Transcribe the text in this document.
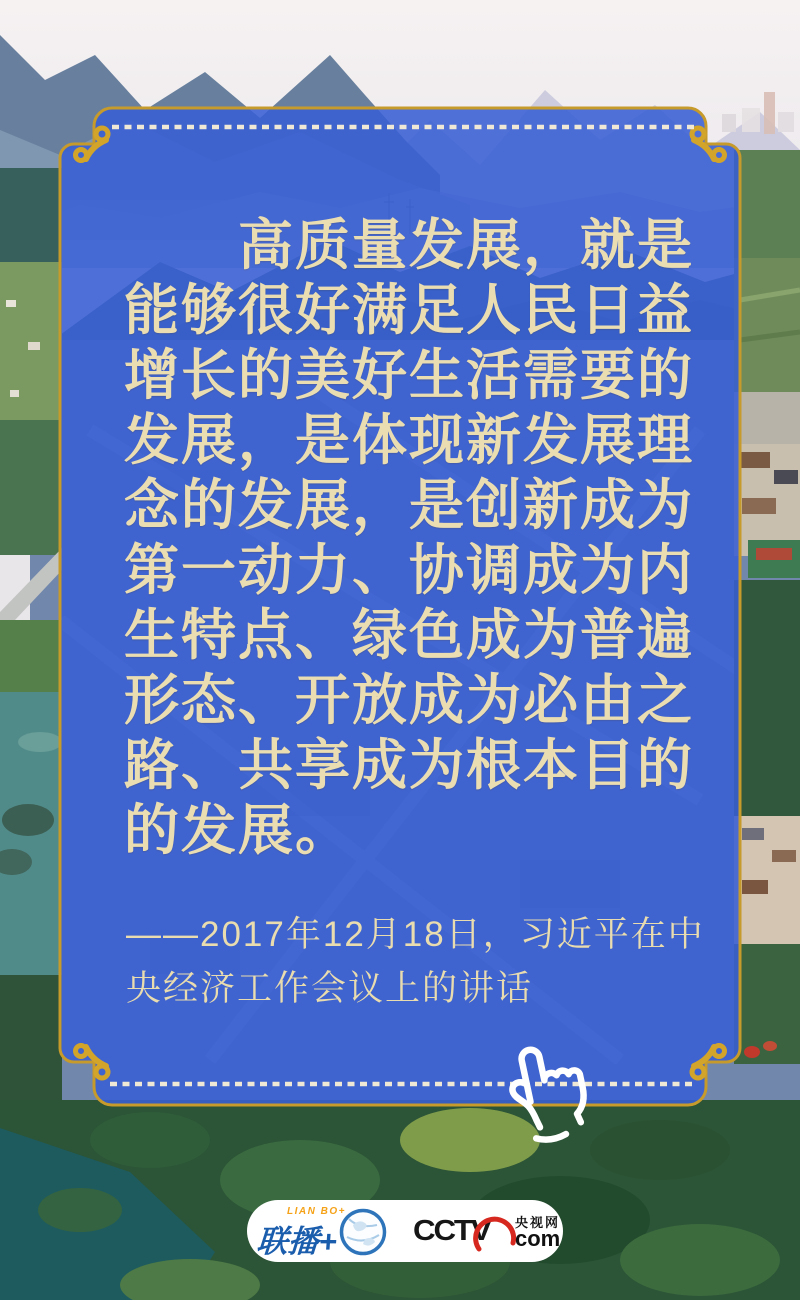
高质量发展，就是
能够很好满足人民日益
增长的美好生活需要的
发展，是体现新发展理
念的发展，是创新成为
第一动力、协调成为内
生特点、绿色成为普遍
形态、开放成为必由之
路、共享成为根本目的
的发展。
——2017年12月18日，习近平在中
央经济工作会议上的讲话
LIAN BO+
联播+	CCTV 央视网
com
